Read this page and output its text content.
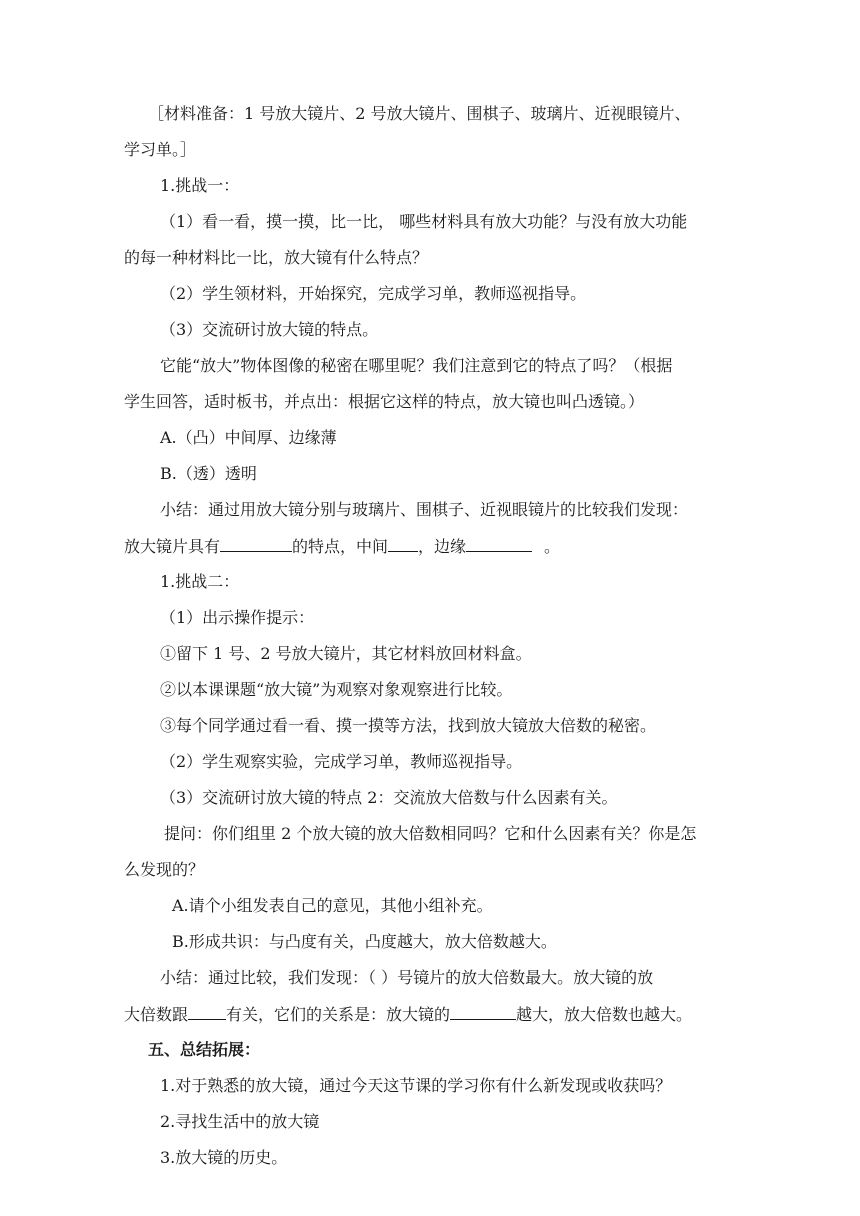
［材料准备：1 号放大镜片、2 号放大镜片、围棋子、玻璃片、近视眼镜片、
学习单。］
1.挑战一：
（1）看一看，摸一摸，比一比， 哪些材料具有放大功能？与没有放大功能
的每一种材料比一比，放大镜有什么特点？
（2）学生领材料，开始探究，完成学习单，教师巡视指导。
（3）交流研讨放大镜的特点。
它能“放大”物体图像的秘密在哪里呢？我们注意到它的特点了吗？（根据
学生回答，适时板书，并点出：根据它这样的特点，放大镜也叫凸透镜。）
A.（凸）中间厚、边缘薄
B.（透）透明
小结：通过用放大镜分别与玻璃片、围棋子、近视眼镜片的比较我们发现：
放大镜片具有	的特点，中间 ，边缘	。
1.挑战二：
（1）出示操作提示：
①留下 1 号、2 号放大镜片，其它材料放回材料盒。
②以本课课题“放大镜”为观察对象观察进行比较。
③每个同学通过看一看、摸一摸等方法，找到放大镜放大倍数的秘密。
（2）学生观察实验，完成学习单，教师巡视指导。
（3）交流研讨放大镜的特点 2：交流放大倍数与什么因素有关。
提问：你们组里 2 个放大镜的放大倍数相同吗？它和什么因素有关？你是怎
么发现的？
A.请个小组发表自己的意见，其他小组补充。
B.形成共识：与凸度有关，凸度越大，放大倍数越大。
小结：通过比较，我们发现：（ ）号镜片的放大倍数最大。放大镜的放
大倍数跟 有关，它们的关系是：放大镜的	越大，放大倍数也越大。
五、总结拓展：
1.对于熟悉的放大镜，通过今天这节课的学习你有什么新发现或收获吗？
2.寻找生活中的放大镜
3.放大镜的历史。
